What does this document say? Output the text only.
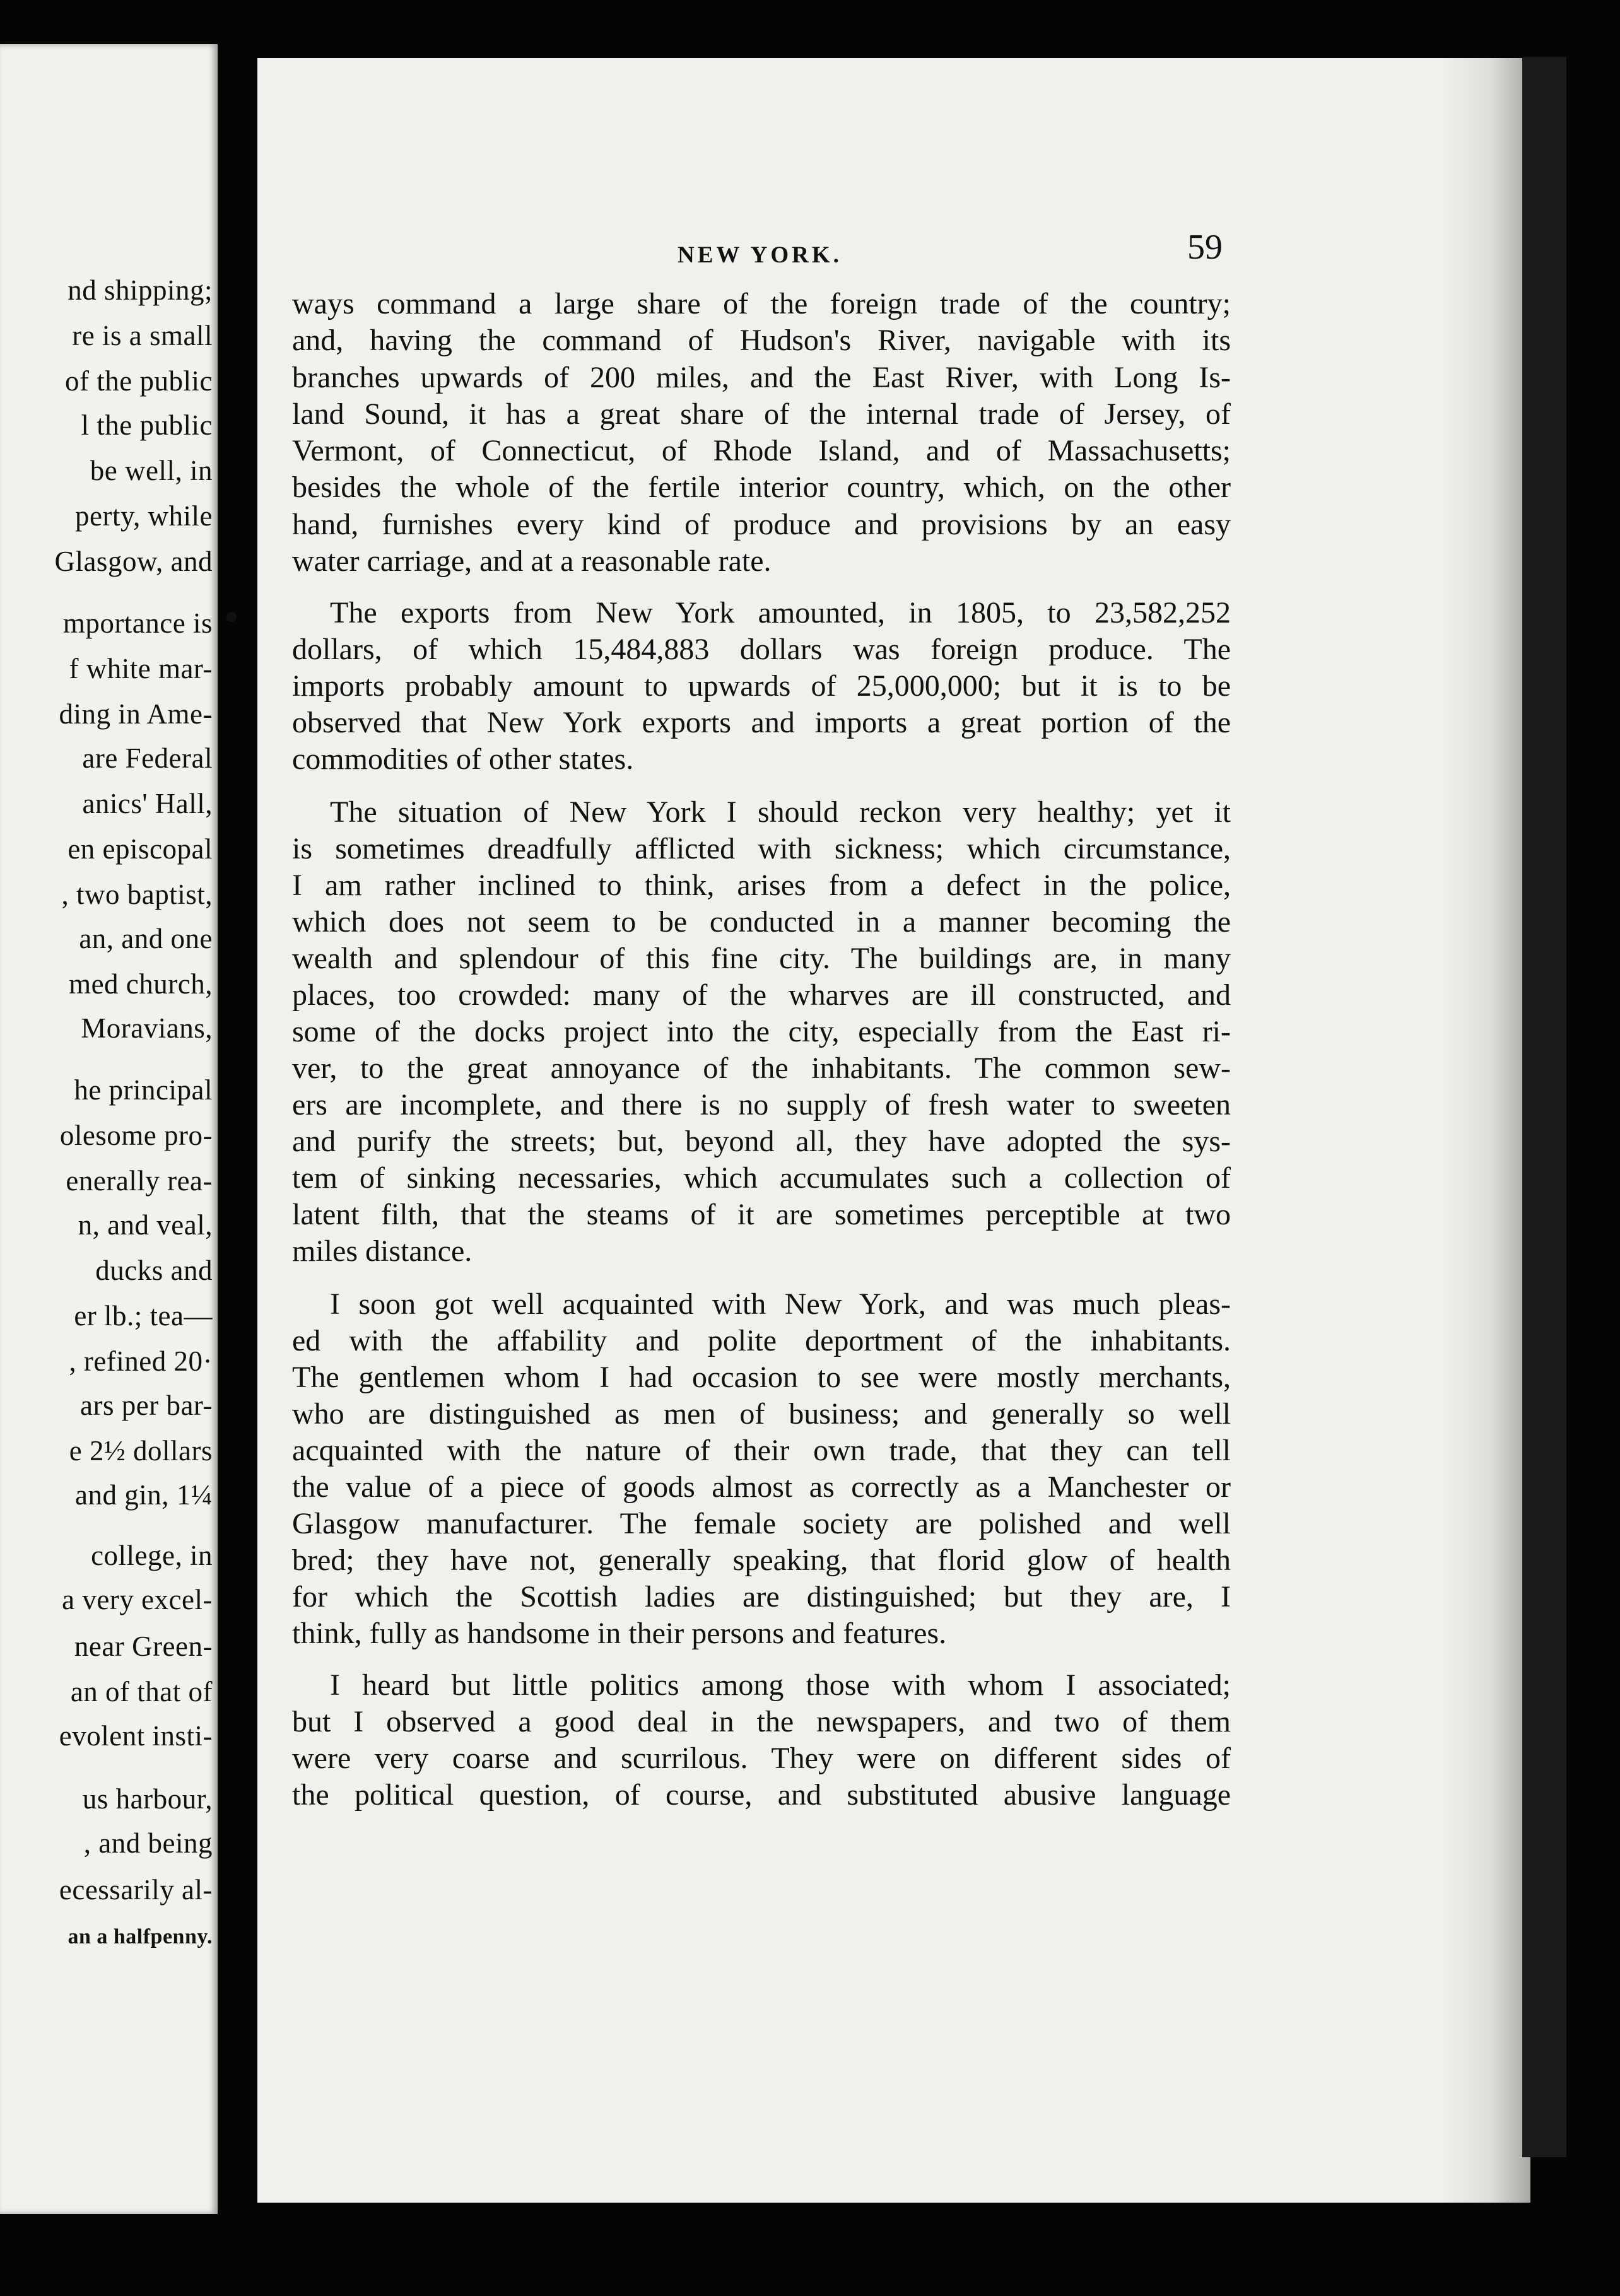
nd shipping;
re is a small
of the public
l the public
be well, in
perty, while
Glasgow, and
mportance is
f white mar-
ding in Ame-
are Federal
anics' Hall,
en episcopal
, two baptist,
an, and one
med church,
Moravians,
he principal
olesome pro-
enerally rea-
n, and veal,
ducks and
er lb.; tea—
, refined 20·
ars per bar-
e 2½ dollars
and gin, 1¼
college, in
a very excel-
near Green-
an of that of
evolent insti-
us harbour,
, and being
ecessarily al-
an a halfpenny.
NEW YORK.	59
ways command a large share of the foreign trade of the country;
and, having the command of Hudson's River, navigable with its
branches upwards of 200 miles, and the East River, with Long Is-
land Sound, it has a great share of the internal trade of Jersey, of
Vermont, of Connecticut, of Rhode Island, and of Massachusetts;
besides the whole of the fertile interior country, which, on the other
hand, furnishes every kind of produce and provisions by an easy
water carriage, and at a reasonable rate.
The exports from New York amounted, in 1805, to 23,582,252
dollars, of which 15,484,883 dollars was foreign produce. The
imports probably amount to upwards of 25,000,000; but it is to be
observed that New York exports and imports a great portion of the
commodities of other states.
The situation of New York I should reckon very healthy; yet it
is sometimes dreadfully afflicted with sickness; which circumstance,
I am rather inclined to think, arises from a defect in the police,
which does not seem to be conducted in a manner becoming the
wealth and splendour of this fine city. The buildings are, in many
places, too crowded: many of the wharves are ill constructed, and
some of the docks project into the city, especially from the East ri-
ver, to the great annoyance of the inhabitants. The common sew-
ers are incomplete, and there is no supply of fresh water to sweeten
and purify the streets; but, beyond all, they have adopted the sys-
tem of sinking necessaries, which accumulates such a collection of
latent filth, that the steams of it are sometimes perceptible at two
miles distance.
I soon got well acquainted with New York, and was much pleas-
ed with the affability and polite deportment of the inhabitants.
The gentlemen whom I had occasion to see were mostly merchants,
who are distinguished as men of business; and generally so well
acquainted with the nature of their own trade, that they can tell
the value of a piece of goods almost as correctly as a Manchester or
Glasgow manufacturer. The female society are polished and well
bred; they have not, generally speaking, that florid glow of health
for which the Scottish ladies are distinguished; but they are, I
think, fully as handsome in their persons and features.
I heard but little politics among those with whom I associated;
but I observed a good deal in the newspapers, and two of them
were very coarse and scurrilous. They were on different sides of
the political question, of course, and substituted abusive language
